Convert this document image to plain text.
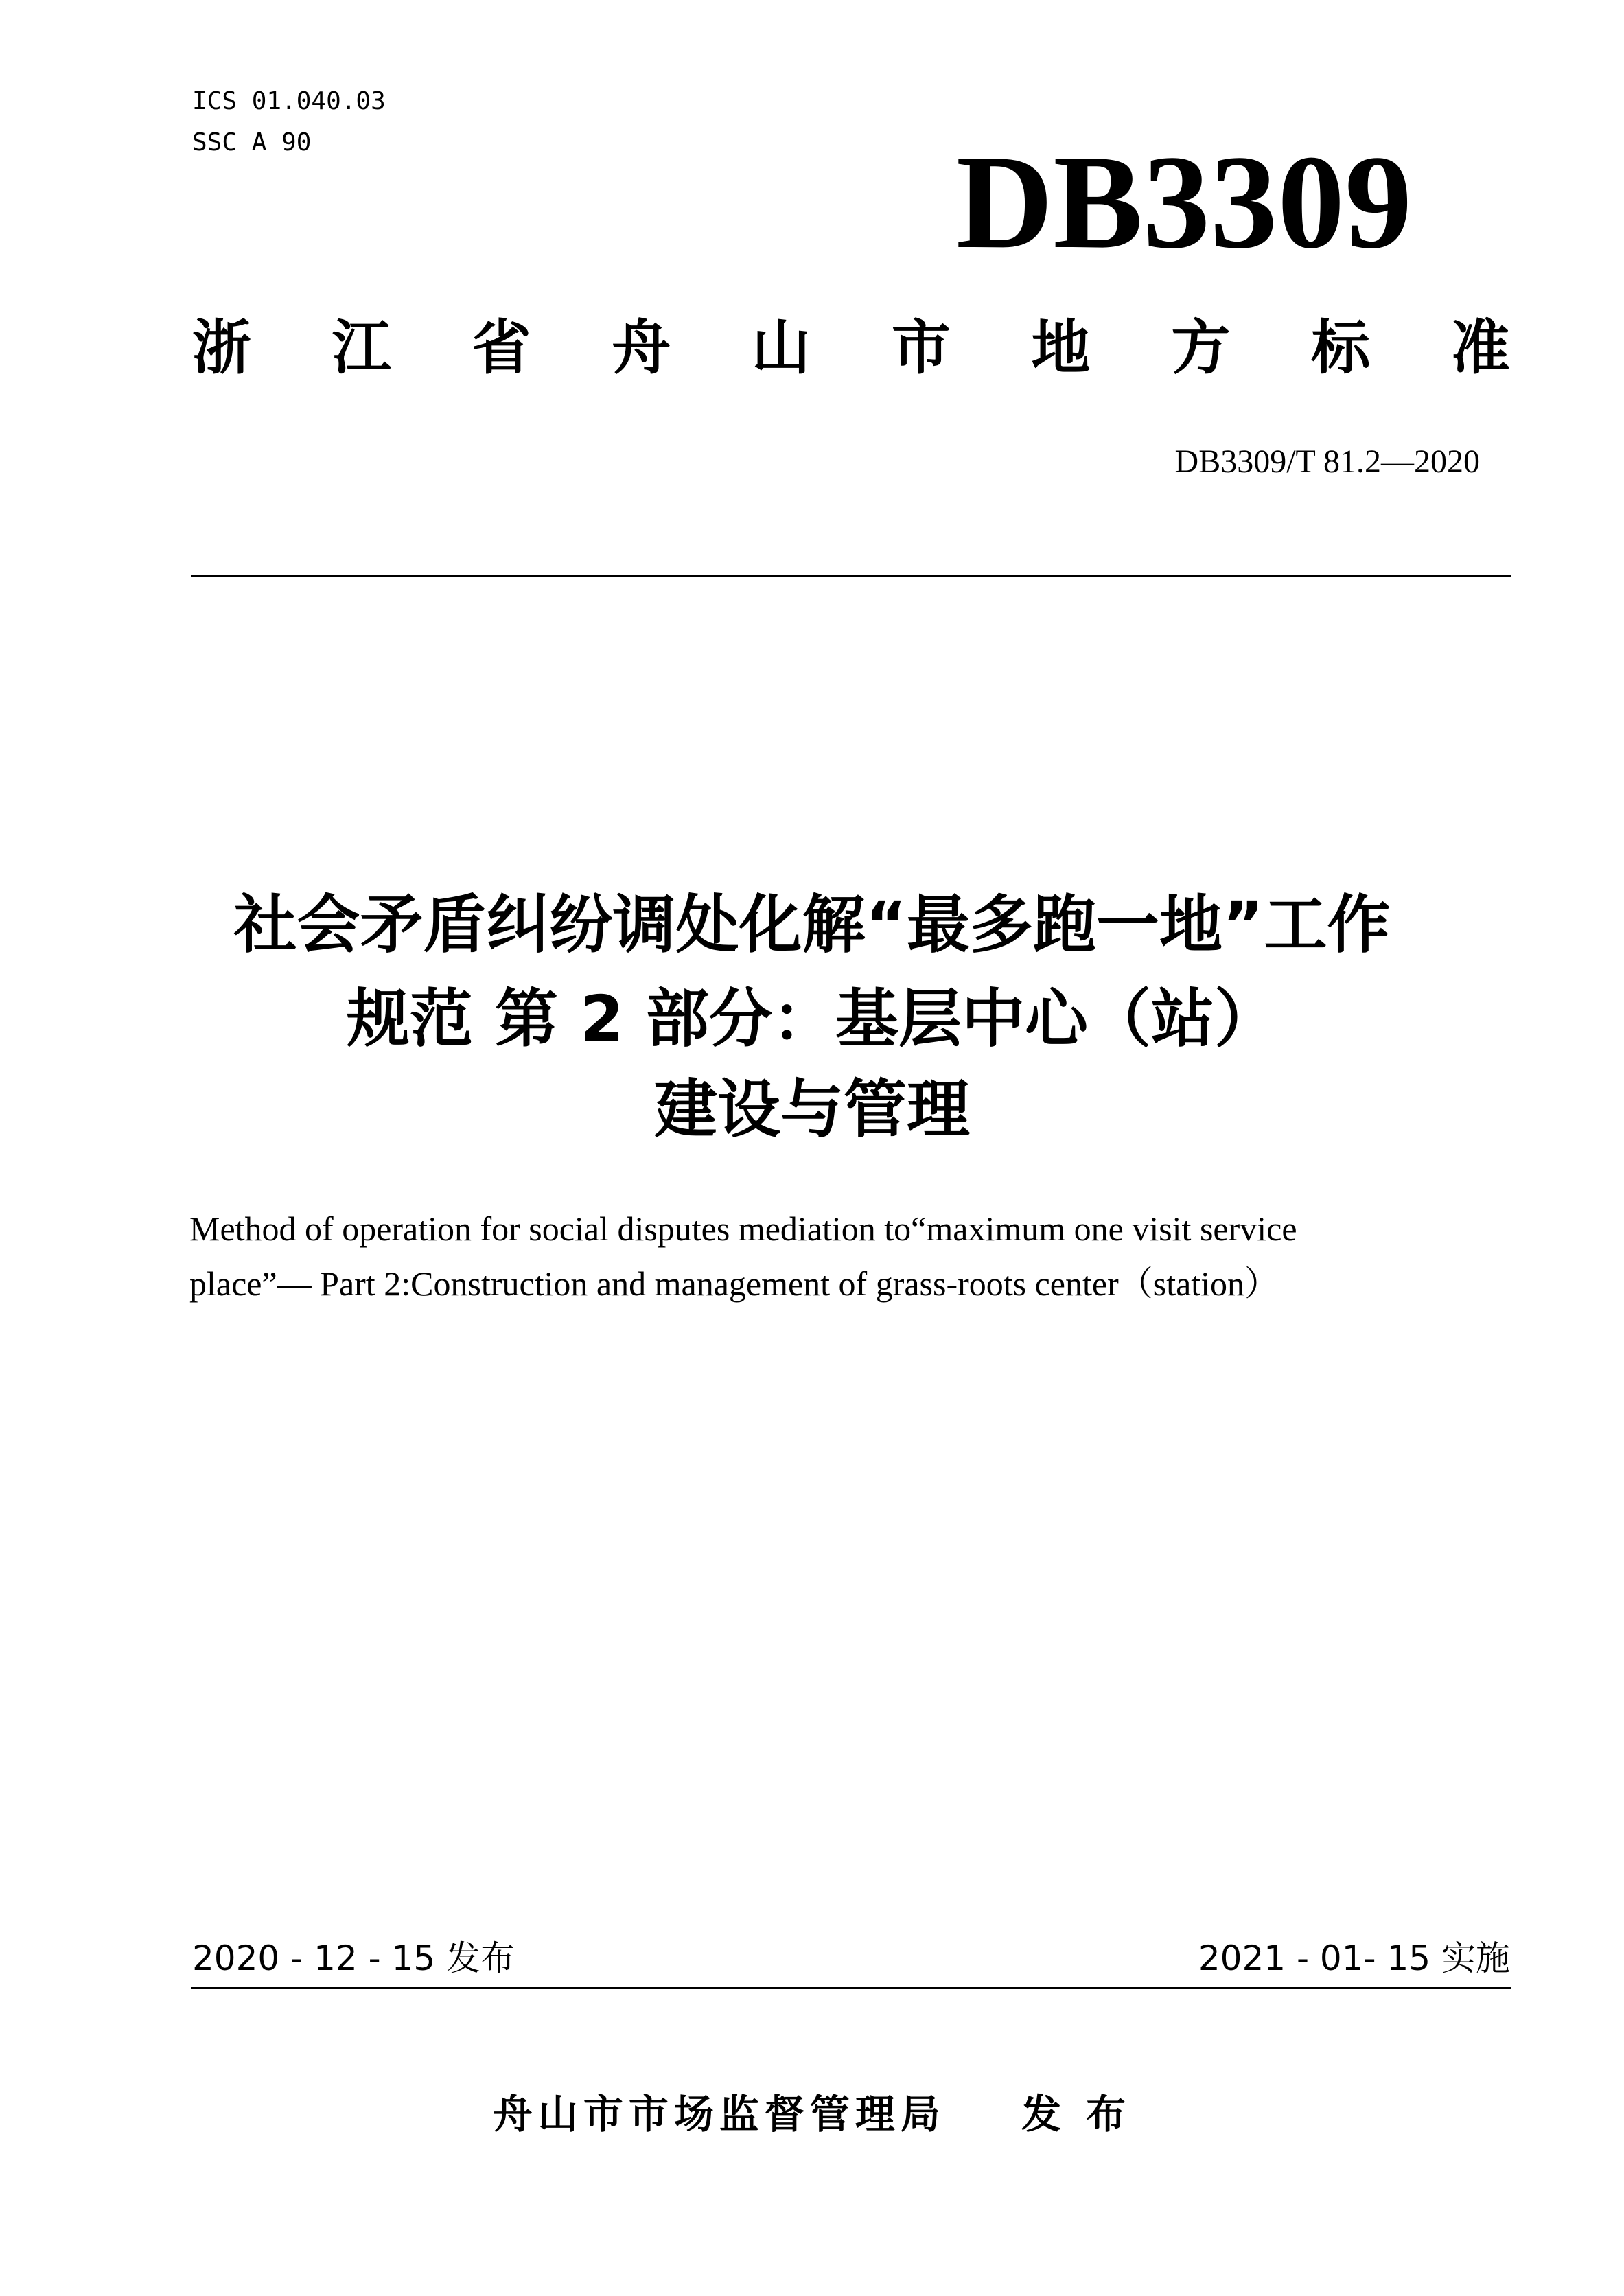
ICS 01.040.03
SSC A 90	DB3309
浙 江 省 舟 山 市 地 方 标 准
DB3309/T 81.2—2020
社会矛盾纠纷调处化解“最多跑一地”工作
规范 第 2 部分：基层中心（站）
建设与管理
Method of operation for social disputes mediation to“maximum one visit service
place”— Part 2:Construction and management of grass-roots center（station）
2020 - 12 - 15 发布	2021 - 01- 15 实施
舟山市市场监督管理局 发 布
